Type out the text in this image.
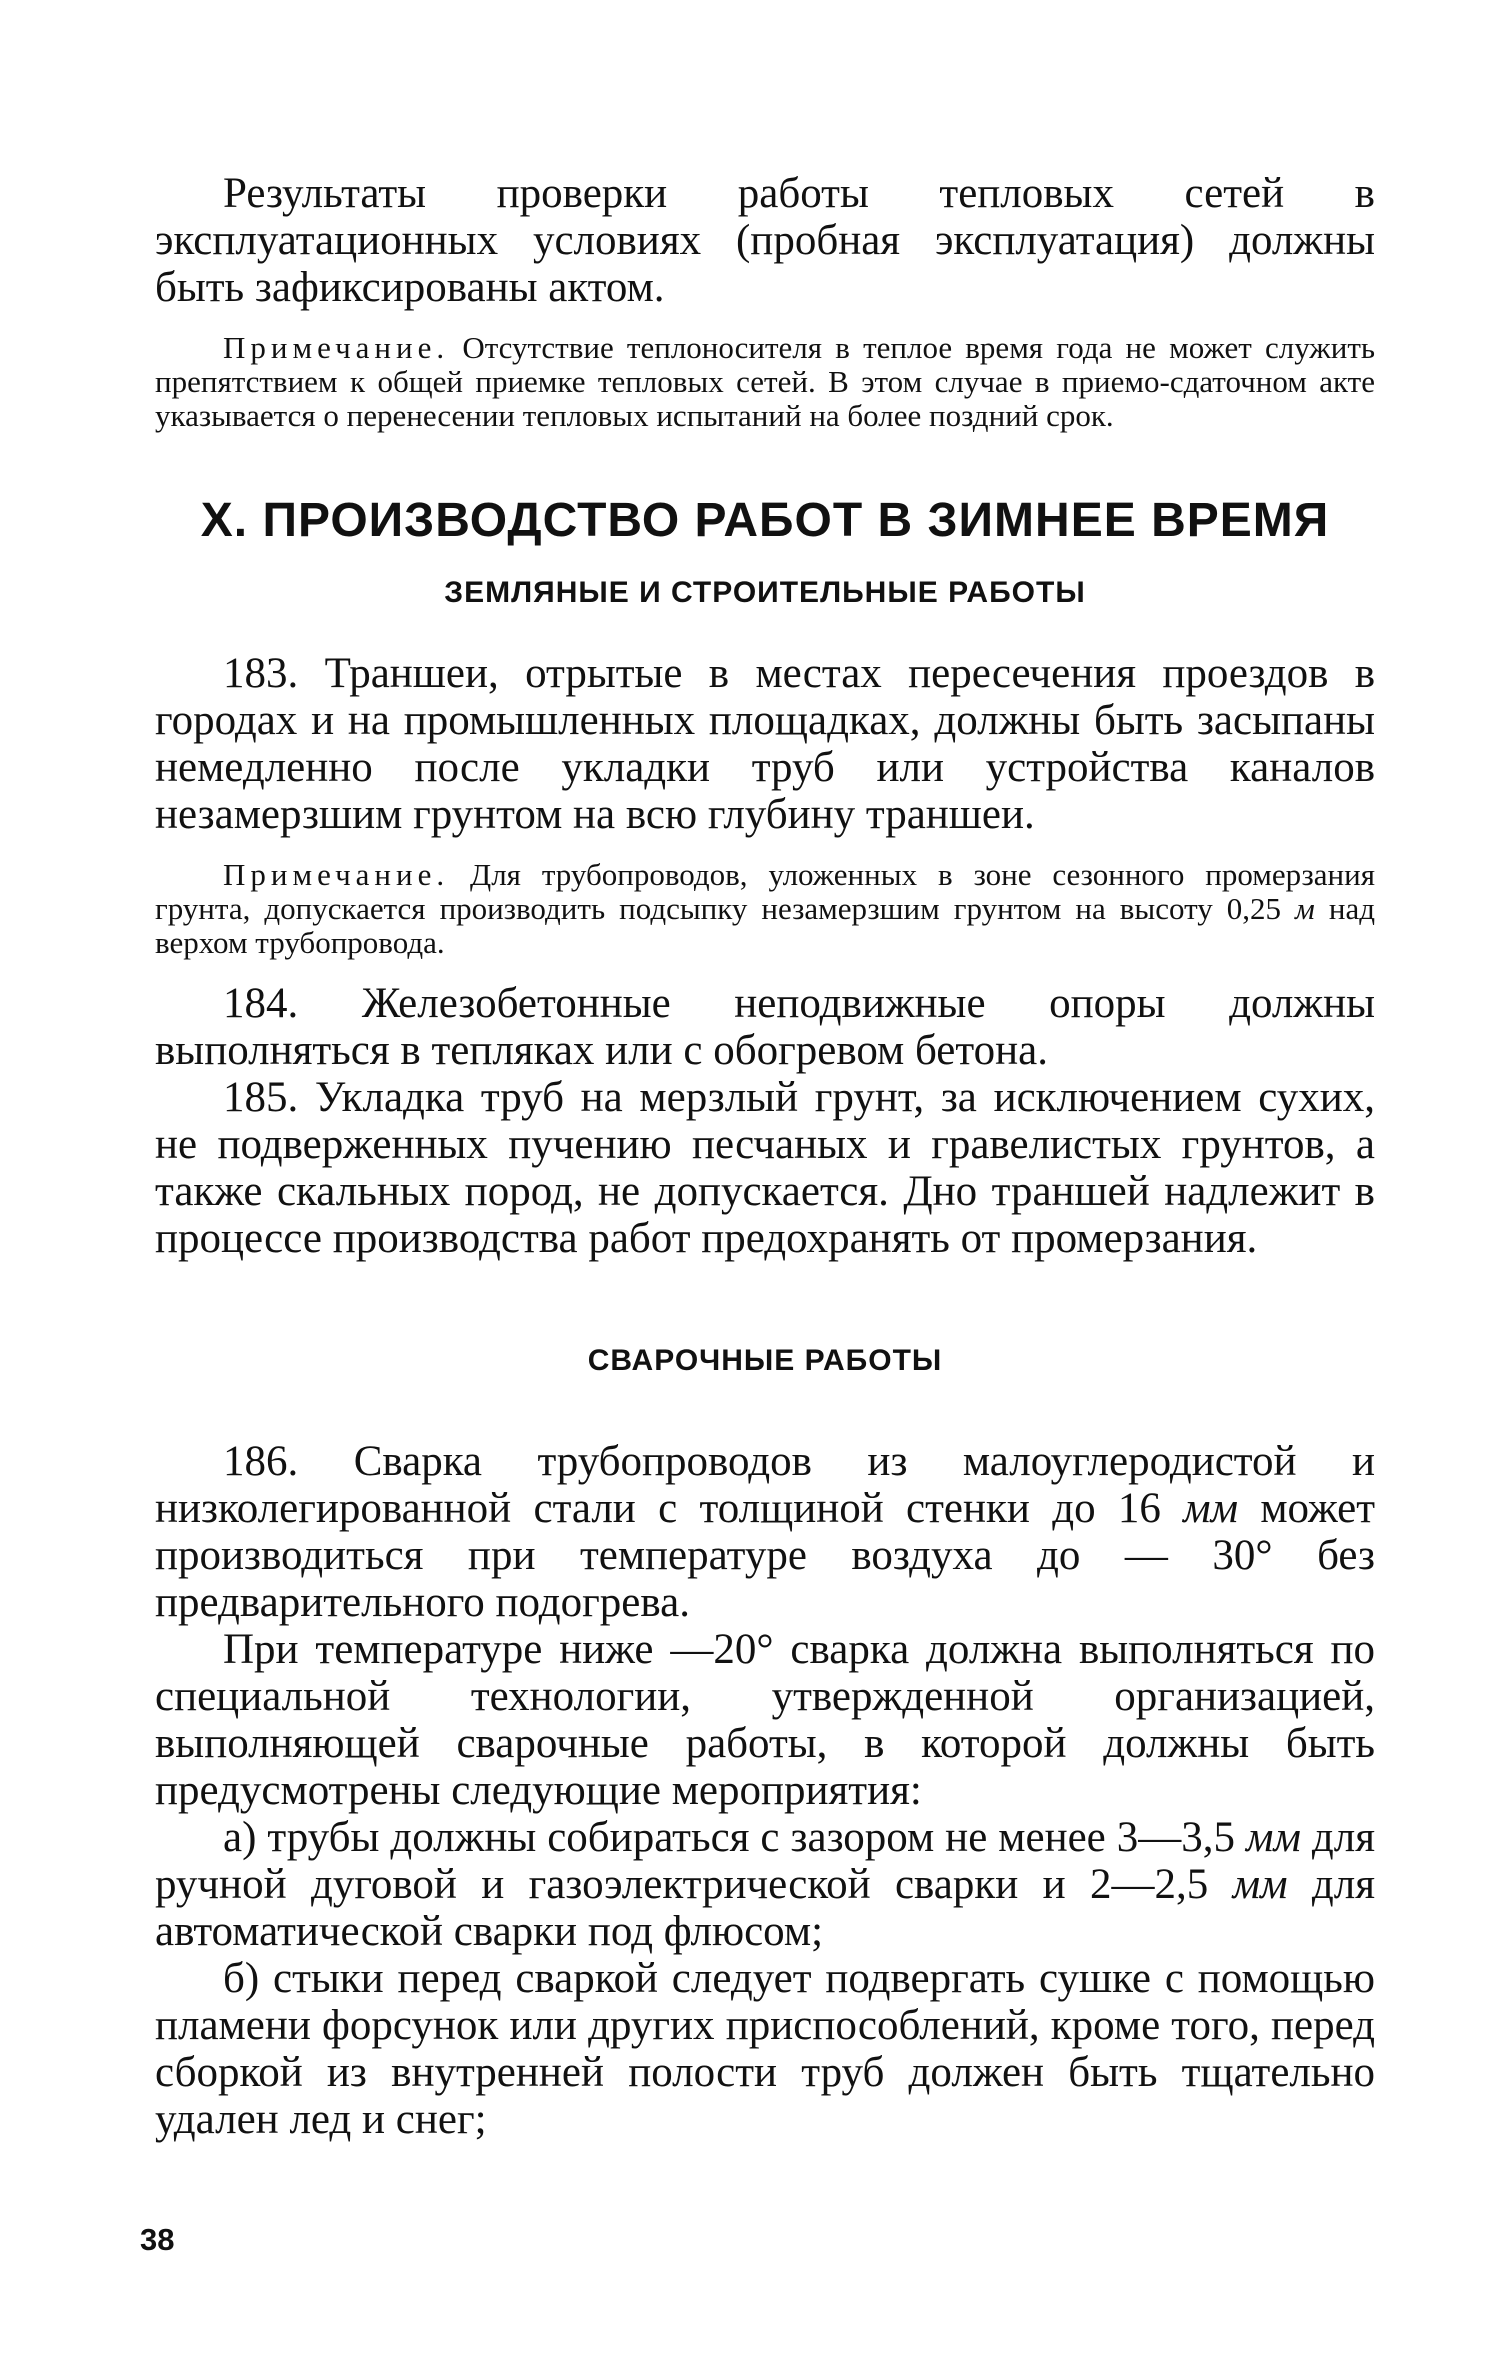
Результаты проверки работы тепловых сетей в эксплуатационных условиях (пробная эксплуатация) должны быть зафиксированы актом.

Примечание. Отсутствие теплоносителя в теплое время года не может служить препятствием к общей приемке тепловых сетей. В этом случае в приемо-сдаточном акте указывается о перенесении тепловых испытаний на более поздний срок.

X. ПРОИЗВОДСТВО РАБОТ В ЗИМНЕЕ ВРЕМЯ
ЗЕМЛЯНЫЕ И СТРОИТЕЛЬНЫЕ РАБОТЫ

183. Траншеи, отрытые в местах пересечения проездов в городах и на промышленных площадках, должны быть засыпаны немедленно после укладки труб или устройства каналов незамерзшим грунтом на всю глубину траншеи.

Примечание. Для трубопроводов, уложенных в зоне сезонного промерзания грунта, допускается производить подсыпку незамерзшим грунтом на высоту 0,25 м над верхом трубопровода.

184. Железобетонные неподвижные опоры должны выполняться в тепляках или с обогревом бетона.

185. Укладка труб на мерзлый грунт, за исключением сухих, не подверженных пучению песчаных и гравелистых грунтов, а также скальных пород, не допускается. Дно траншей надлежит в процессе производства работ предохранять от промерзания.

СВАРОЧНЫЕ РАБОТЫ

186. Сварка трубопроводов из малоуглеродистой и низколегированной стали с толщиной стенки до 16 мм может производиться при температуре воздуха до — 30° без предварительного подогрева.

При температуре ниже —20° сварка должна выполняться по специальной технологии, утвержденной организацией, выполняющей сварочные работы, в которой должны быть предусмотрены следующие мероприятия:

а) трубы должны собираться с зазором не менее 3—3,5 мм для ручной дуговой и газоэлектрической сварки и 2—2,5 мм для автоматической сварки под флюсом;

б) стыки перед сваркой следует подвергать сушке с помощью пламени форсунок или других приспособлений, кроме того, перед сборкой из внутренней полости труб должен быть тщательно удален лед и снег;

38
